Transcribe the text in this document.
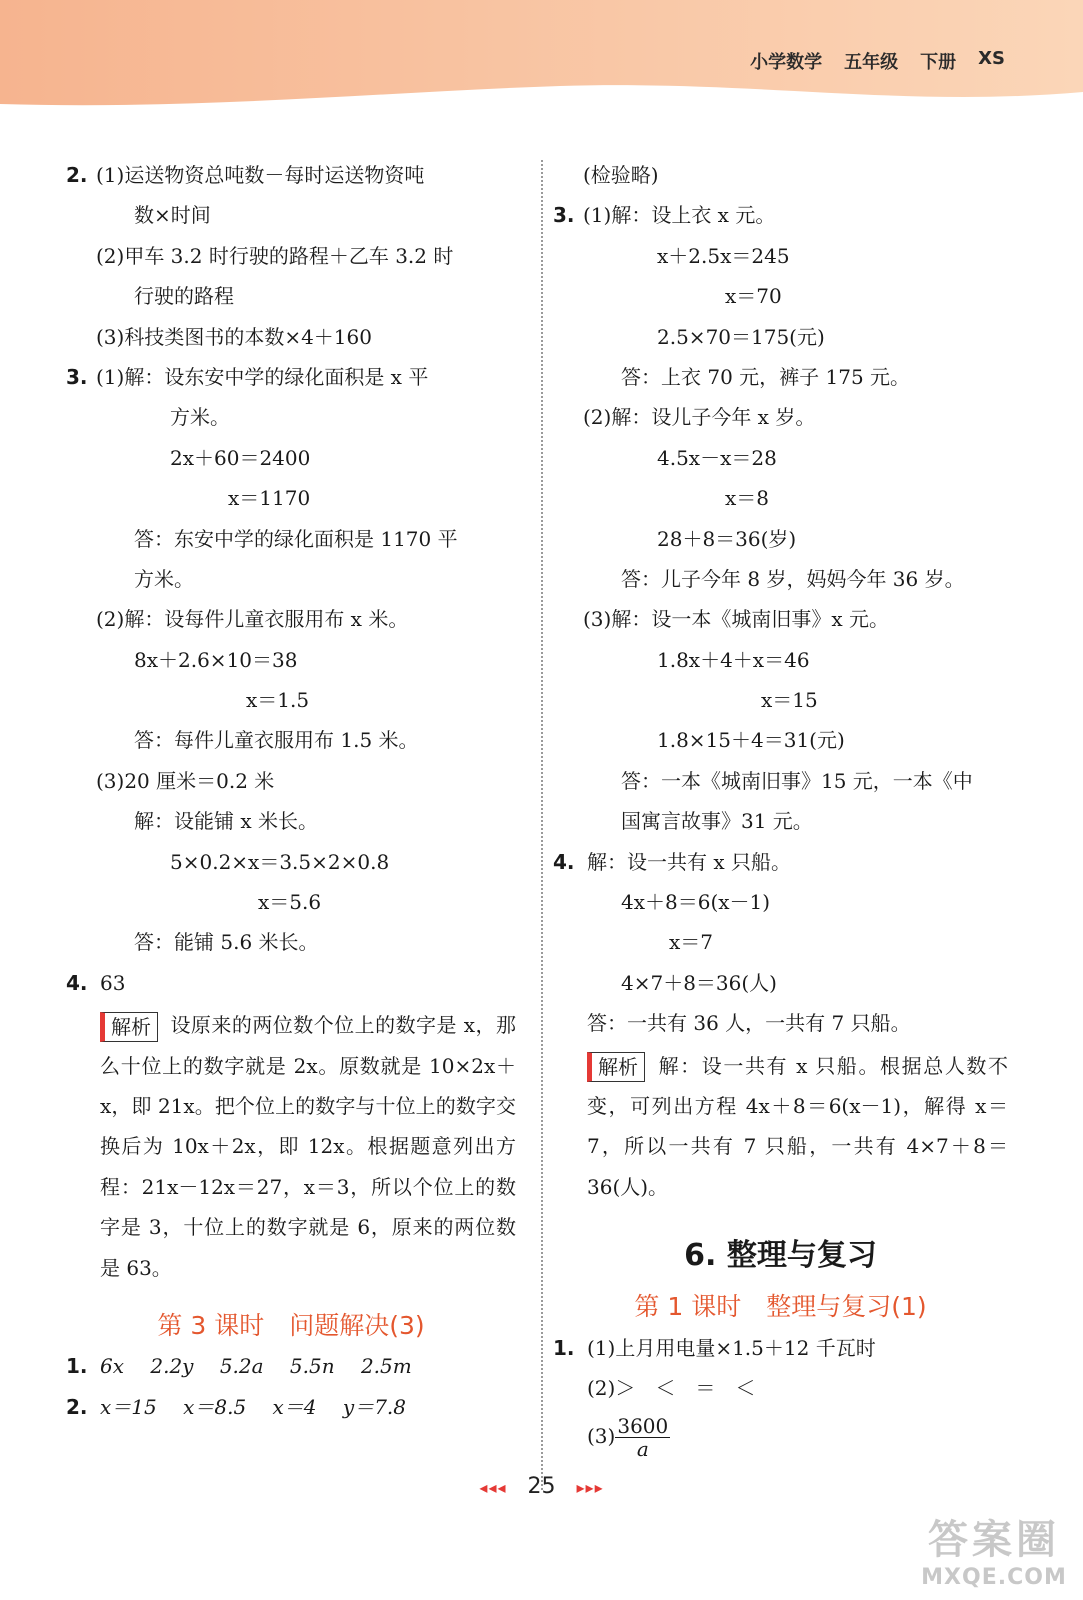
小学数学 五年级 下册 XS
2. (1)运送物资总吨数－每时运送物资吨
数×时间
(2)甲车 3.2 时行驶的路程＋乙车 3.2 时
行驶的路程
(3)科技类图书的本数×4＋160
3. (1)解：设东安中学的绿化面积是 x 平
方米。
2x＋60＝2400
x＝1170
答：东安中学的绿化面积是 1170 平
方米。
(2)解：设每件儿童衣服用布 x 米。
8x＋2.6×10＝38
x＝1.5
答：每件儿童衣服用布 1.5 米。
(3)20 厘米＝0.2 米
解：设能铺 x 米长。
5×0.2×x＝3.5×2×0.8
x＝5.6
答：能铺 5.6 米长。
4. 63
解析 设原来的两位数个位上的数字是 x，那么十位上的数字就是 2x。原数就是 10×2x＋x，即 21x。把个位上的数字与十位上的数字交换后为 10x＋2x，即 12x。根据题意列出方程：21x－12x＝27，x＝3，所以个位上的数字是 3，十位上的数字就是 6，原来的两位数是 63。
第 3 课时　问题解决(3)
1. 6x　 2.2y　 5.2a　 5.5n　 2.5m
2. x＝15　 x＝8.5　 x＝4　 y＝7.8
(检验略)
3. (1)解：设上衣 x 元。
x＋2.5x＝245
x＝70
2.5×70＝175(元)
答：上衣 70 元，裤子 175 元。
(2)解：设儿子今年 x 岁。
4.5x－x＝28
x＝8
28＋8＝36(岁)
答：儿子今年 8 岁，妈妈今年 36 岁。
(3)解：设一本《城南旧事》x 元。
1.8x＋4＋x＝46
x＝15
1.8×15＋4＝31(元)
答：一本《城南旧事》15 元，一本《中
国寓言故事》31 元。
4. 解：设一共有 x 只船。
4x＋8＝6(x－1)
x＝7
4×7＋8＝36(人)
答：一共有 36 人，一共有 7 只船。
解析 解：设一共有 x 只船。根据总人数不变，可列出方程 4x＋8＝6(x－1)，解得 x＝7，所以一共有 7 只船，一共有 4×7＋8＝36(人)。
6. 整理与复习
第 1 课时　整理与复习(1)
1. (1)上月用电量×1.5＋12 千瓦时
(2)＞　＜　＝　＜
$(3) \frac{3600}{a}$
◂◂◂ 25 ▸▸▸
答案圈
MXQE.COM
